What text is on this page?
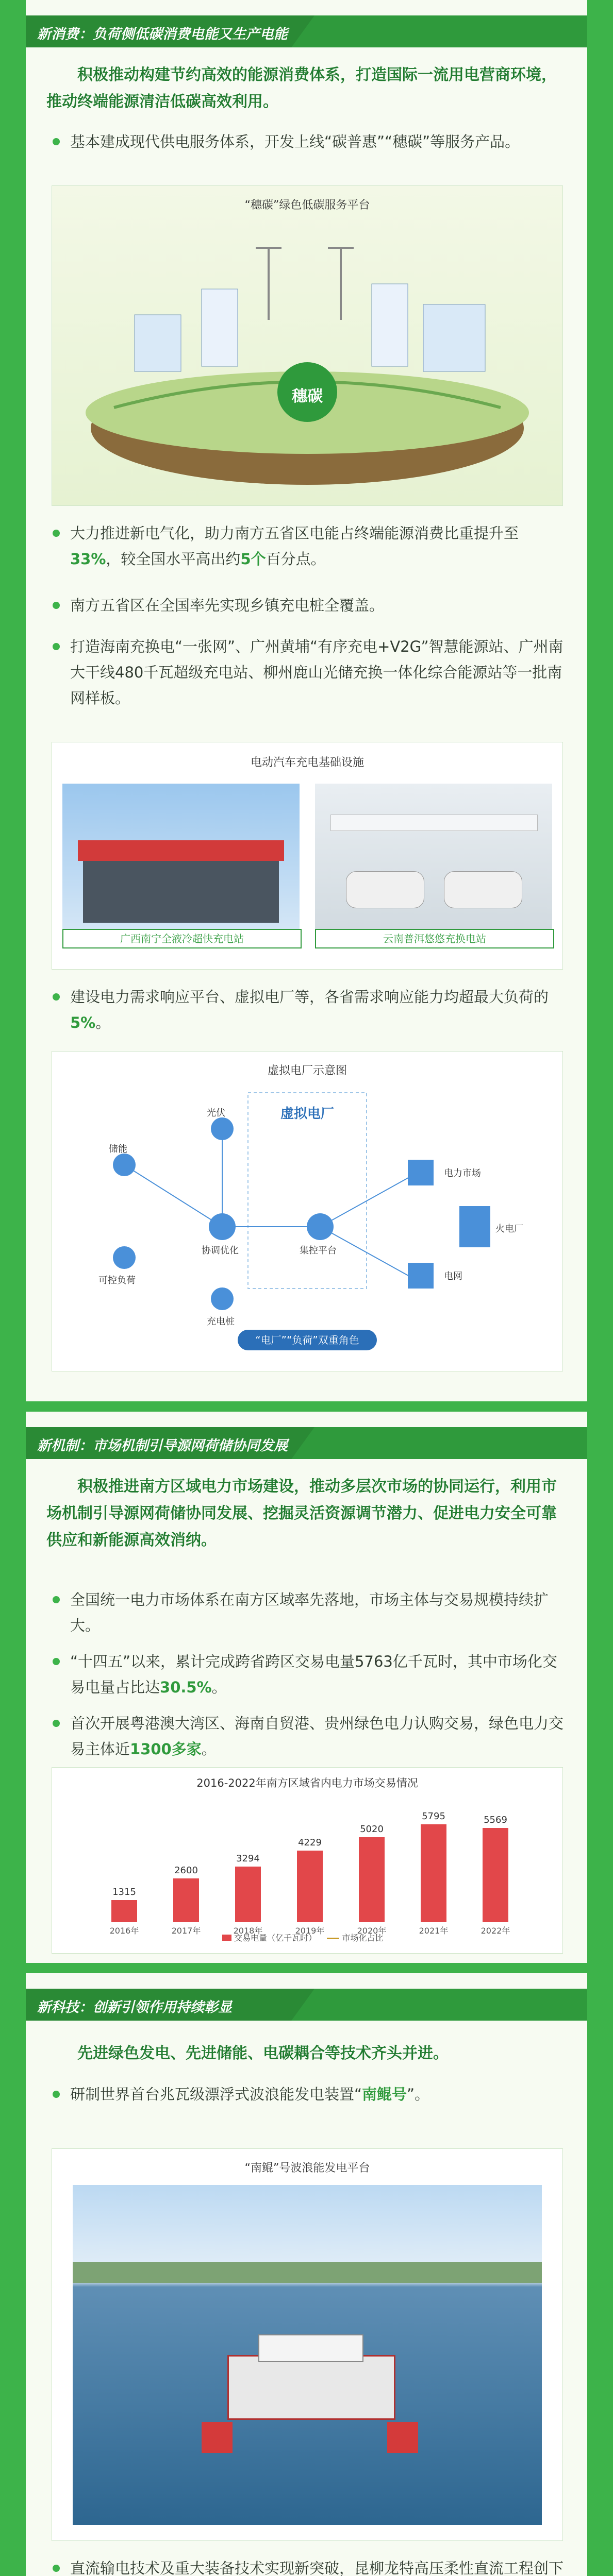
新消费：负荷侧低碳消费电能又生产电能
积极推动构建节约高效的能源消费体系，打造国际一流用电营商环境，推动终端能源清洁低碳高效利用。
基本建成现代供电服务体系，开发上线“碳普惠”“穗碳”等服务产品。
“穗碳”绿色低碳服务平台
穗碳
大力推进新电气化，助力南方五省区电能占终端能源消费比重提升至33%，较全国水平高出约5个百分点。
南方五省区在全国率先实现乡镇充电桩全覆盖。
打造海南充换电“一张网”、广州黄埔“有序充电+V2G”智慧能源站、广州南大干线480千瓦超级充电站、柳州鹿山光储充换一体化综合能源站等一批南网样板。
电动汽车充电基础设施
广西南宁全液冷超快充电站	云南普洱悠悠充换电站
建设电力需求响应平台、虚拟电厂等，各省需求响应能力均超最大负荷的5%。
虚拟电厂示意图
虚拟电厂
光伏
储能
可控负荷
充电桩
协调优化	集控平台
电力市场
火电厂
电网
“电厂”“负荷”双重角色
新机制：市场机制引导源网荷储协同发展
积极推进南方区域电力市场建设，推动多层次市场的协同运行，利用市场机制引导源网荷储协同发展、挖掘灵活资源调节潜力、促进电力安全可靠供应和新能源高效消纳。
全国统一电力市场体系在南方区域率先落地，市场主体与交易规模持续扩大。
“十四五”以来，累计完成跨省跨区交易电量5763亿千瓦时，其中市场化交易电量占比达30.5%。
首次开展粤港澳大湾区、海南自贸港、贵州绿色电力认购交易，绿色电力交易主体近1300多家。
2016-2022年南方区域省内电力市场交易情况
交易电量（亿千瓦时）	市场化占比
1315
2016年
2600
2017年
3294
2018年
4229
2019年
5020
2020年
5795
2021年
5569
2022年
新科技：创新引领作用持续彰显
先进绿色发电、先进储能、电碳耦合等技术齐头并进。
研制世界首台兆瓦级漂浮式波浪能发电装置“南鲲号”。
“南鲲”号波浪能发电平台
直流输电技术及重大装备技术实现新突破，昆柳龙特高压柔性直流工程创下
